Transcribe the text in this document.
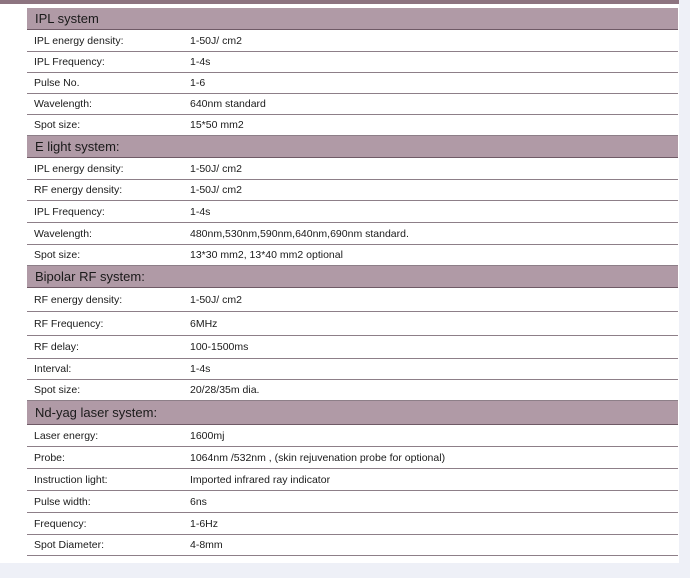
IPL system
IPL energy density:	1-50J/ cm2
IPL Frequency:	1-4s
Pulse No.	1-6
Wavelength:	640nm standard
Spot size:	15*50 mm2
E light system:
IPL energy density:	1-50J/ cm2
RF energy density:	1-50J/ cm2
IPL Frequency:	1-4s
Wavelength:	480nm,530nm,590nm,640nm,690nm standard.
Spot size:	13*30 mm2, 13*40 mm2 optional
Bipolar RF system:
RF energy density:	1-50J/ cm2
RF Frequency:	6MHz
RF delay:	100-1500ms
Interval:	1-4s
Spot size:	20/28/35m dia.
Nd-yag laser system:
Laser energy:	1600mj
Probe:	1064nm /532nm , (skin rejuvenation probe for optional)
Instruction light:	Imported infrared ray indicator
Pulse width:	6ns
Frequency:	1-6Hz
Spot Diameter:	4-8mm
